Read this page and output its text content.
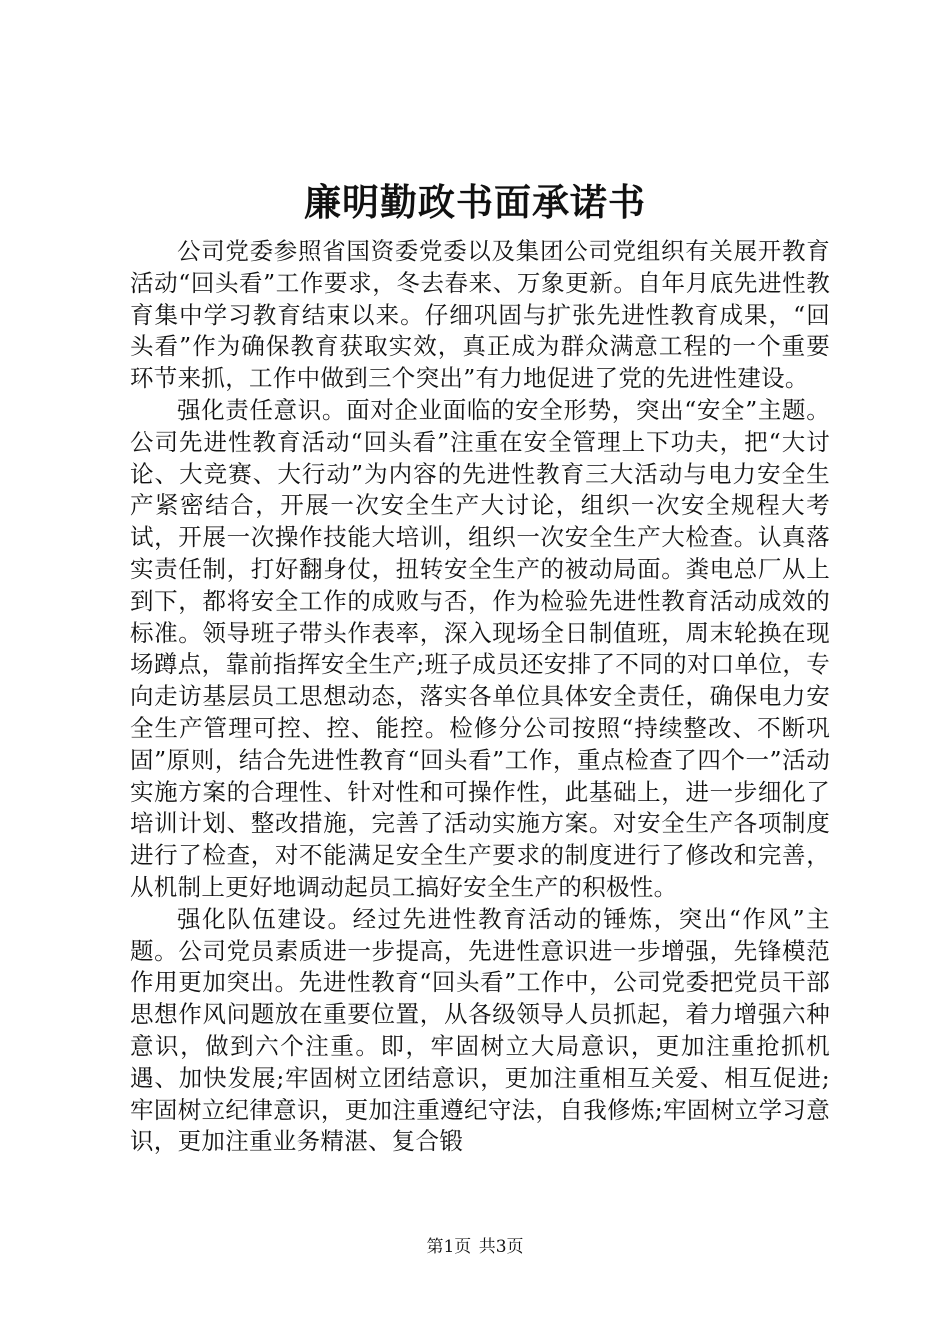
廉明勤政书面承诺书

公司党委参照省国资委党委以及集团公司党组织有关展开教育活动“回头看”工作要求，冬去春来、万象更新。自年月底先进性教育集中学习教育结束以来。仔细巩固与扩张先进性教育成果，“回头看”作为确保教育获取实效，真正成为群众满意工程的一个重要环节来抓，工作中做到三个突出”有力地促进了党的先进性建设。

强化责任意识。面对企业面临的安全形势，突出“安全”主题。公司先进性教育活动“回头看”注重在安全管理上下功夫，把“大讨论、大竞赛、大行动”为内容的先进性教育三大活动与电力安全生产紧密结合，开展一次安全生产大讨论，组织一次安全规程大考试，开展一次操作技能大培训，组织一次安全生产大检查。认真落实责任制，打好翻身仗，扭转安全生产的被动局面。粪电总厂从上到下，都将安全工作的成败与否，作为检验先进性教育活动成效的标准。领导班子带头作表率，深入现场全日制值班，周末轮换在现场蹲点，靠前指挥安全生产;班子成员还安排了不同的对口单位，专向走访基层员工思想动态，落实各单位具体安全责任，确保电力安全生产管理可控、控、能控。检修分公司按照“持续整改、不断巩固”原则，结合先进性教育“回头看”工作，重点检查了四个一”活动实施方案的合理性、针对性和可操作性，此基础上，进一步细化了培训计划、整改措施，完善了活动实施方案。对安全生产各项制度进行了检查，对不能满足安全生产要求的制度进行了修改和完善，从机制上更好地调动起员工搞好安全生产的积极性。

强化队伍建设。经过先进性教育活动的锤炼，突出“作风”主题。公司党员素质进一步提高，先进性意识进一步增强，先锋模范作用更加突出。先进性教育“回头看”工作中，公司党委把党员干部思想作风问题放在重要位置，从各级领导人员抓起，着力增强六种意识，做到六个注重。即，牢固树立大局意识，更加注重抢抓机遇、加快发展;牢固树立团结意识，更加注重相互关爱、相互促进;牢固树立纪律意识，更加注重遵纪守法，自我修炼;牢固树立学习意识，更加注重业务精湛、复合锻

第1页 共3页
